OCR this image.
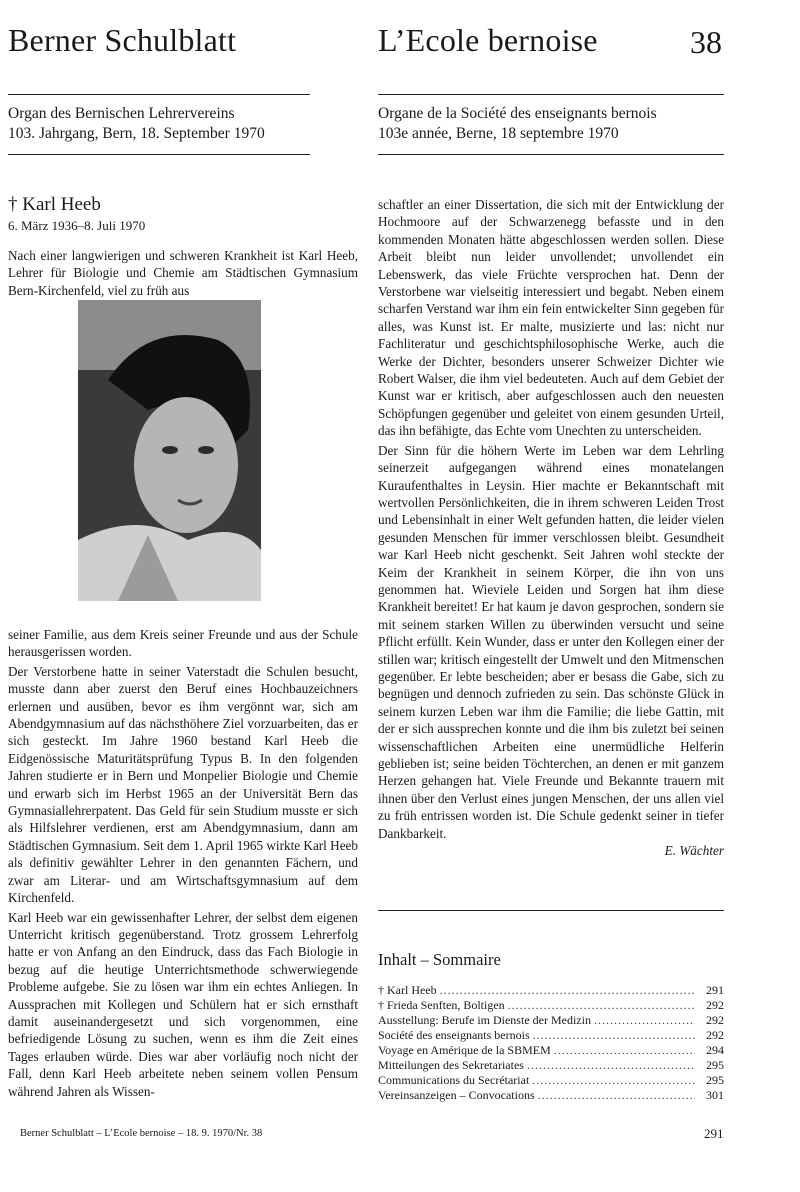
Berner Schulblatt	L’Ecole bernoise	38
Organ des Bernischen Lehrervereins
103. Jahrgang, Bern, 18. September 1970
Organe de la Société des enseignants bernois
103e année, Berne, 18 septembre 1970
† Karl Heeb
6. März 1936–8. Juli 1970

Nach einer langwierigen und schweren Krankheit ist Karl Heeb, Lehrer für Biologie und Chemie am Städtischen Gymnasium Bern-Kirchenfeld, viel zu früh aus

seiner Familie, aus dem Kreis seiner Freunde und aus der Schule herausgerissen worden.

Der Verstorbene hatte in seiner Vaterstadt die Schulen besucht, musste dann aber zuerst den Beruf eines Hochbauzeichners erlernen und ausüben, bevor es ihm vergönnt war, sich am Abendgymnasium auf das nächsthöhere Ziel vorzuarbeiten, das er sich gesteckt. Im Jahre 1960 bestand Karl Heeb die Eidgenössische Maturitätsprüfung Typus B. In den folgenden Jahren studierte er in Bern und Monpelier Biologie und Chemie und erwarb sich im Herbst 1965 an der Universität Bern das Gymnasiallehrerpatent. Das Geld für sein Studium musste er sich als Hilfslehrer verdienen, erst am Abendgymnasium, dann am Städtischen Gymnasium. Seit dem 1. April 1965 wirkte Karl Heeb als definitiv gewählter Lehrer in den genannten Fächern, und zwar am Literar- und am Wirtschaftsgymnasium auf dem Kirchenfeld.

Karl Heeb war ein gewissenhafter Lehrer, der selbst dem eigenen Unterricht kritisch gegenüberstand. Trotz grossem Lehrerfolg hatte er von Anfang an den Eindruck, dass das Fach Biologie in bezug auf die heutige Unterrichtsmethode schwerwiegende Probleme aufgebe. Sie zu lösen war ihm ein echtes Anliegen. In Aussprachen mit Kollegen und Schülern hat er sich ernsthaft damit auseinandergesetzt und sich vorgenommen, eine befriedigende Lösung zu suchen, wenn es ihm die Zeit eines Tages erlauben würde. Dies war aber vorläufig noch nicht der Fall, denn Karl Heeb arbeitete neben seinem vollen Pensum während Jahren als Wissen-

schaftler an einer Dissertation, die sich mit der Entwicklung der Hochmoore auf der Schwarzenegg befasste und in den kommenden Monaten hätte abgeschlossen werden sollen. Diese Arbeit bleibt nun leider unvollendet; unvollendet ein Lebenswerk, das viele Früchte versprochen hat. Denn der Verstorbene war vielseitig interessiert und begabt. Neben einem scharfen Verstand war ihm ein fein entwickelter Sinn gegeben für alles, was Kunst ist. Er malte, musizierte und las: nicht nur Fachliteratur und geschichtsphilosophische Werke, auch die Werke der Dichter, besonders unserer Schweizer Dichter wie Robert Walser, die ihm viel bedeuteten. Auch auf dem Gebiet der Kunst war er kritisch, aber aufgeschlossen auch den neuesten Schöpfungen gegenüber und geleitet von einem gesunden Urteil, das ihn befähigte, das Echte vom Unechten zu unterscheiden.

Der Sinn für die höhern Werte im Leben war dem Lehrling seinerzeit aufgegangen während eines monatelangen Kuraufenthaltes in Leysin. Hier machte er Bekanntschaft mit wertvollen Persönlichkeiten, die in ihrem schweren Leiden Trost und Lebensinhalt in einer Welt gefunden hatten, die leider vielen gesunden Menschen für immer verschlossen bleibt. Gesundheit war Karl Heeb nicht geschenkt. Seit Jahren wohl steckte der Keim der Krankheit in seinem Körper, die ihn von uns genommen hat. Wieviele Leiden und Sorgen hat ihm diese Krankheit bereitet! Er hat kaum je davon gesprochen, sondern sie mit seinem starken Willen zu überwinden versucht und seine Pflicht erfüllt. Kein Wunder, dass er unter den Kollegen einer der stillen war; kritisch eingestellt der Umwelt und den Mitmenschen gegenüber. Er lebte bescheiden; aber er besass die Gabe, sich zu begnügen und dennoch zufrieden zu sein. Das schönste Glück in seinem kurzen Leben war ihm die Familie; die liebe Gattin, mit der er sich aussprechen konnte und die ihm bis zuletzt bei seinen wissenschaftlichen Arbeiten eine unermüdliche Helferin geblieben ist; seine beiden Töchterchen, an denen er mit ganzem Herzen gehangen hat. Viele Freunde und Bekannte trauern mit ihnen über den Verlust eines jungen Menschen, der uns allen viel zu früh entrissen worden ist. Die Schule gedenkt seiner in tiefer Dankbarkeit.

E. Wächter
Inhalt – Sommaire
† Karl Heeb .....	291
† Frieda Senften, Boltigen .....	292
Ausstellung: Berufe im Dienste der Medizin .....	292
Société des enseignants bernois .....	292
Voyage en Amérique de la SBMEM .....	294
Mitteilungen des Sekretariates .....	295
Communications du Secrétariat .....	295
Vereinsanzeigen – Convocations .....	301
Berner Schulblatt – L’Ecole bernoise – 18. 9. 1970/Nr. 38	291
